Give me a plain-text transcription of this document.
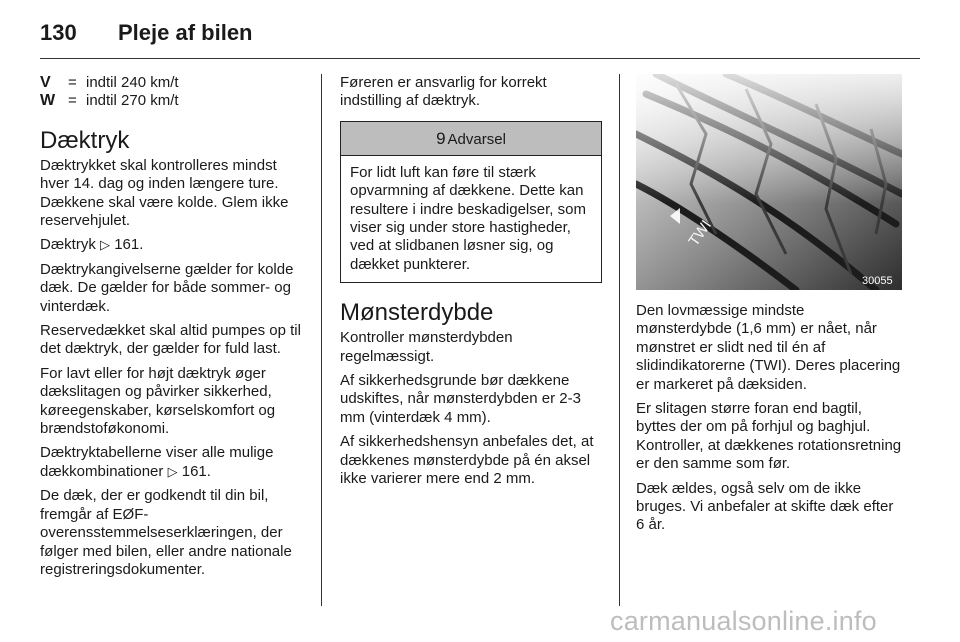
130 Pleje af bilen
V	= indtil 240 km/t
W = indtil 270 km/t
Dæktryk

Dæktrykket skal kontrolleres mindst hver 14. dag og inden længere ture. Dækkene skal være kolde. Glem ikke reservehjulet.

Dæktryk ▷ 161.

Dæktrykangivelserne gælder for kolde dæk. De gælder for både sommer- og vinterdæk.

Reservedækket skal altid pumpes op til det dæktryk, der gælder for fuld last.

For lavt eller for højt dæktryk øger dækslitagen og påvirker sikkerhed, køreegenskaber, kørselskomfort og brændstoføkonomi.

Dæktryktabellerne viser alle mulige dækkombinationer ▷ 161.

De dæk, der er godkendt til din bil, fremgår af EØF-overensstemmelseserklæringen, der følger med bilen, eller andre nationale registreringsdokumenter.

Føreren er ansvarlig for korrekt indstilling af dæktryk.

9 Advarsel
For lidt luft kan føre til stærk opvarmning af dækkene. Dette kan resultere i indre beskadigelser, som viser sig under store hastigheder, ved at slidbanen løsner sig, og dækket punkterer.
Mønsterdybde

Kontroller mønsterdybden regelmæssigt.

Af sikkerhedsgrunde bør dækkene udskiftes, når mønsterdybden er 2-3 mm (vinterdæk 4 mm).

Af sikkerhedshensyn anbefales det, at dækkenes mønsterdybde på én aksel ikke varierer mere end 2 mm.

TWI
30055

Den lovmæssige mindste mønsterdybde (1,6 mm) er nået, når mønstret er slidt ned til én af slidindikatorerne (TWI). Deres placering er markeret på dæksiden.

Er slitagen større foran end bagtil, byttes der om på forhjul og baghjul. Kontroller, at dækkenes rotationsretning er den samme som før.

Dæk ældes, også selv om de ikke bruges. Vi anbefaler at skifte dæk efter 6 år.

carmanualsonline.info
